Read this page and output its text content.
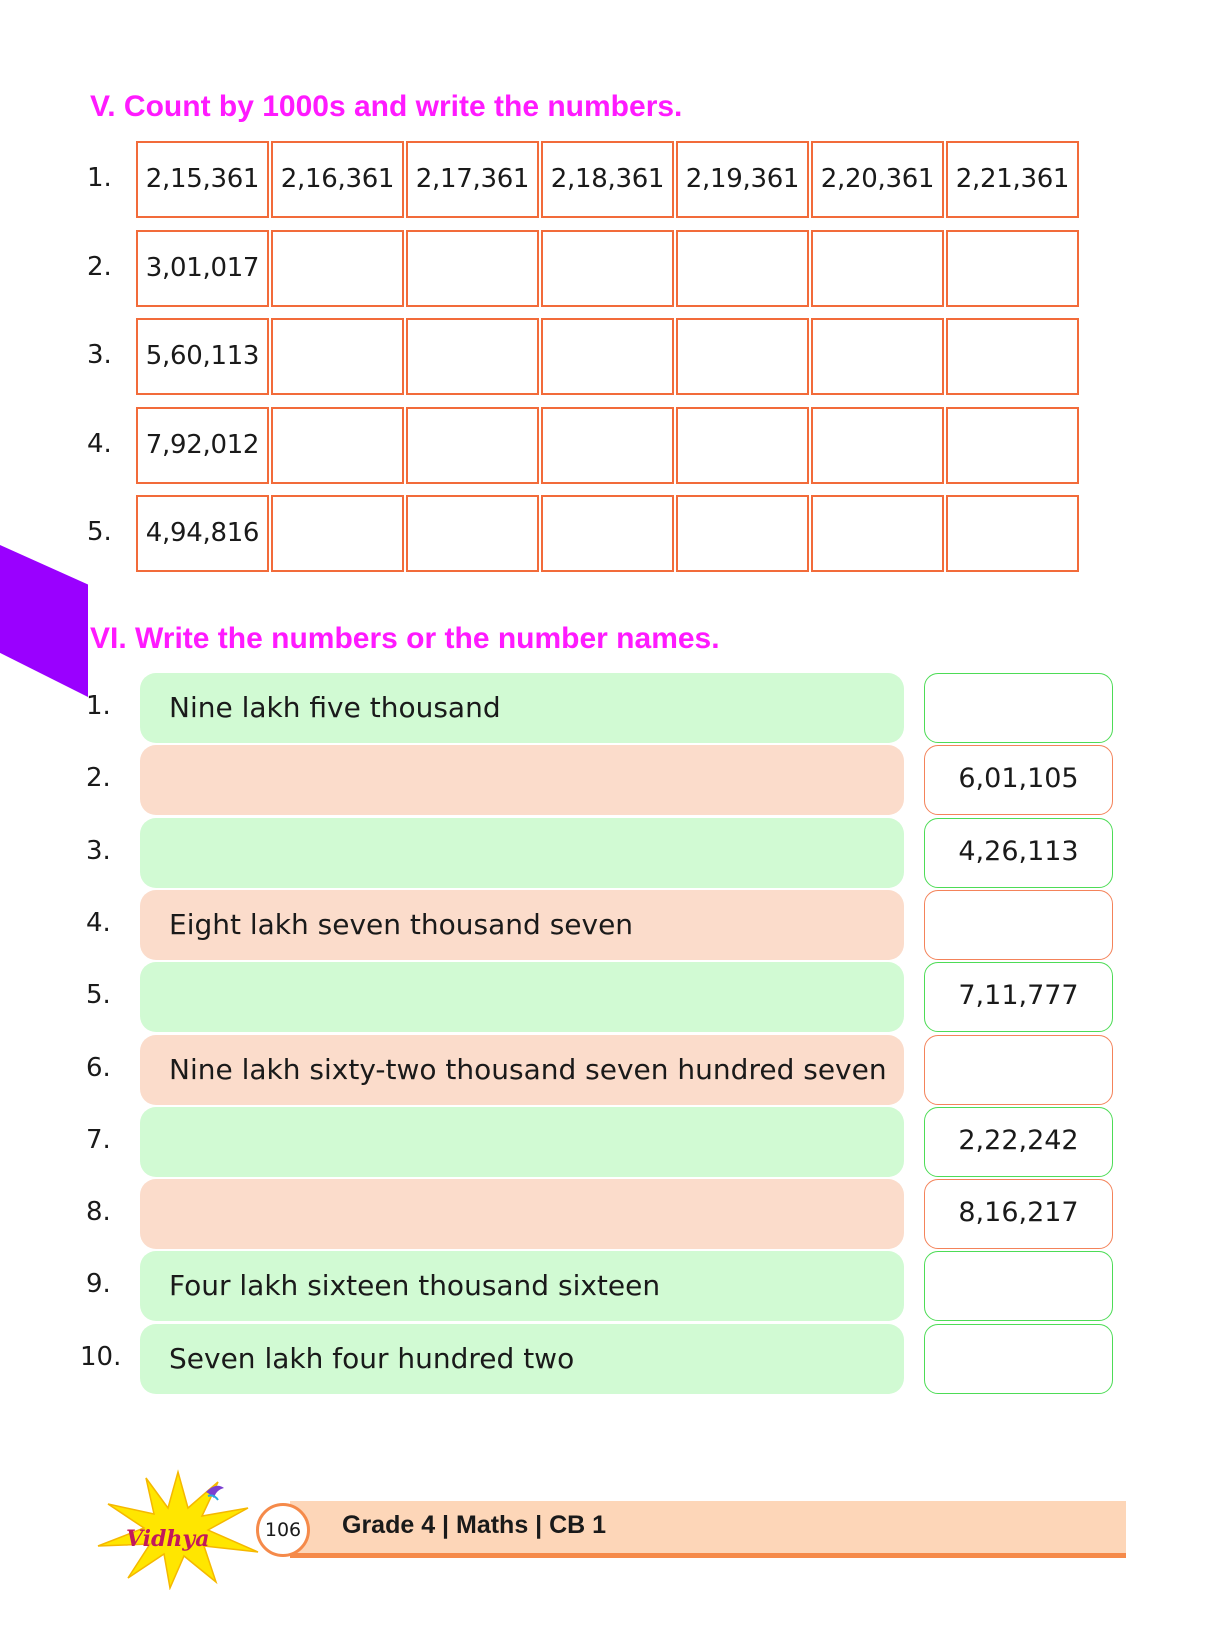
V. Count by 1000s and write the numbers.
1.	2,15,361 2,16,361 2,17,361 2,18,361 2,19,361 2,20,361 2,21,361
2.	3,01,017
3.	5,60,113
4.	7,92,012
5.	4,94,816
VI. Write the numbers or the number names.
1.	Nine lakh five thousand
2.	6,01,105
3.	4,26,113
4.	Eight lakh seven thousand seven
5.	7,11,777
6.	Nine lakh sixty-two thousand seven hundred seven
7.	2,22,242
8.	8,16,217
9.	Four lakh sixteen thousand sixteen
10.	Seven lakh four hundred two
Vidhya	106	Grade 4 | Maths | CB 1
